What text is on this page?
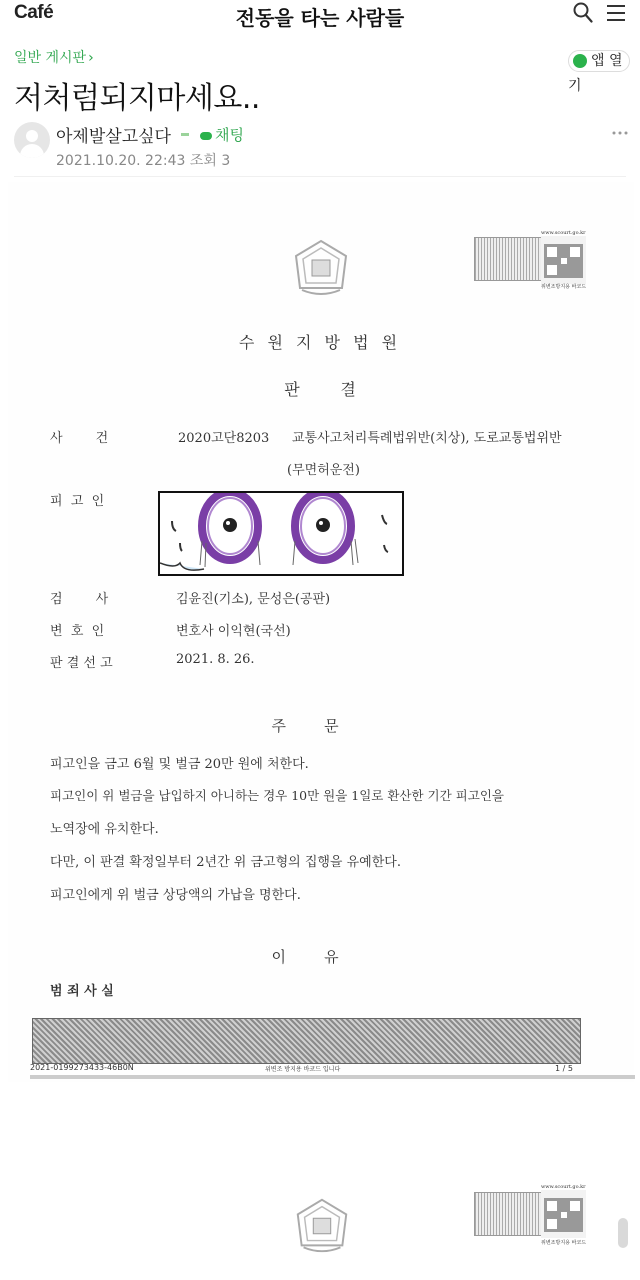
Café	전동을 타는 사람들
일반 게시판 ›	앱 열
기
저처럼되지마세요..
아제발살고싶다	채팅
2021.10.20. 22:43 조회 3
www.scourt.go.kr
위변조방지용 바코드
수 원 지 방 법 원
판        결
사        건	2020고단8203 교통사고처리특례법위반(치상), 도로교통법위반
(무면허운전)
피  고  인
검        사	김윤진(기소), 문성은(공판)
변  호  인	변호사 이익현(국선)
판 결 선 고	2021. 8. 26.
주        문
피고인을 금고 6월 및 벌금 20만 원에 처한다.
피고인이 위 벌금을 납입하지 아니하는 경우 10만 원을 1일로 환산한 기간 피고인을
노역장에 유치한다.
다만, 이 판결 확정일부터 2년간 위 금고형의 집행을 유예한다.
피고인에게 위 벌금 상당액의 가납을 명한다.
이        유
범 죄 사 실
2021-0199273433-46B0N	위변조 방지용 바코드 입니다	1 / 5
www.scourt.go.kr
위변조방지용 바코드
